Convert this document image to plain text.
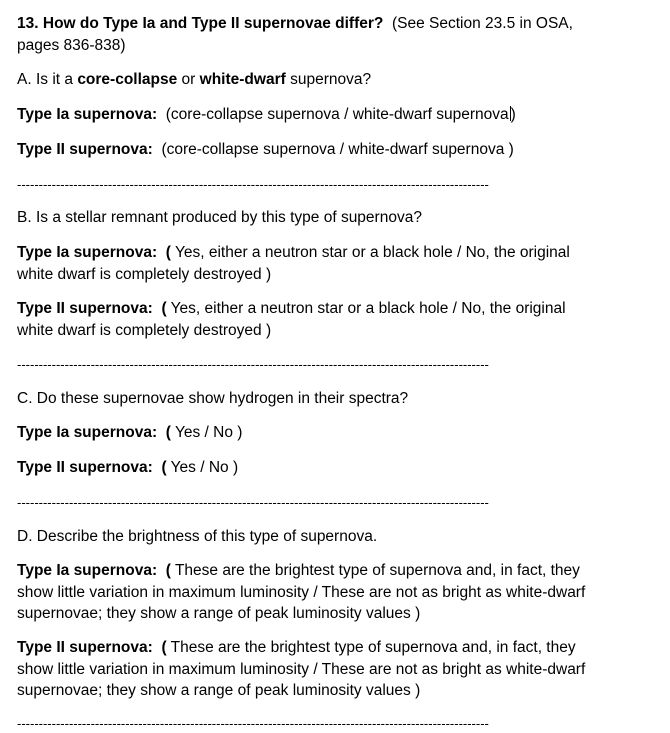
13. How do Type Ia and Type II supernovae differ? (See Section 23.5 in OSA,
pages 836-838)
A. Is it a core-collapse or white-dwarf supernova?
Type Ia supernova: (core-collapse supernova / white-dwarf supernova )
Type II supernova: (core-collapse supernova / white-dwarf supernova )
-------------------------------------------------------------------------------------------------------------
B. Is a stellar remnant produced by this type of supernova?
Type Ia supernova: ( Yes, either a neutron star or a black hole / No, the original
white dwarf is completely destroyed )
Type II supernova: ( Yes, either a neutron star or a black hole / No, the original
white dwarf is completely destroyed )
-------------------------------------------------------------------------------------------------------------
C. Do these supernovae show hydrogen in their spectra?
Type Ia supernova: ( Yes / No )
Type II supernova: ( Yes / No )
-------------------------------------------------------------------------------------------------------------
D. Describe the brightness of this type of supernova.
Type Ia supernova: ( These are the brightest type of supernova and, in fact, they
show little variation in maximum luminosity / These are not as bright as white-dwarf
supernovae; they show a range of peak luminosity values )
Type II supernova: ( These are the brightest type of supernova and, in fact, they
show little variation in maximum luminosity / These are not as bright as white-dwarf
supernovae; they show a range of peak luminosity values )
-------------------------------------------------------------------------------------------------------------
